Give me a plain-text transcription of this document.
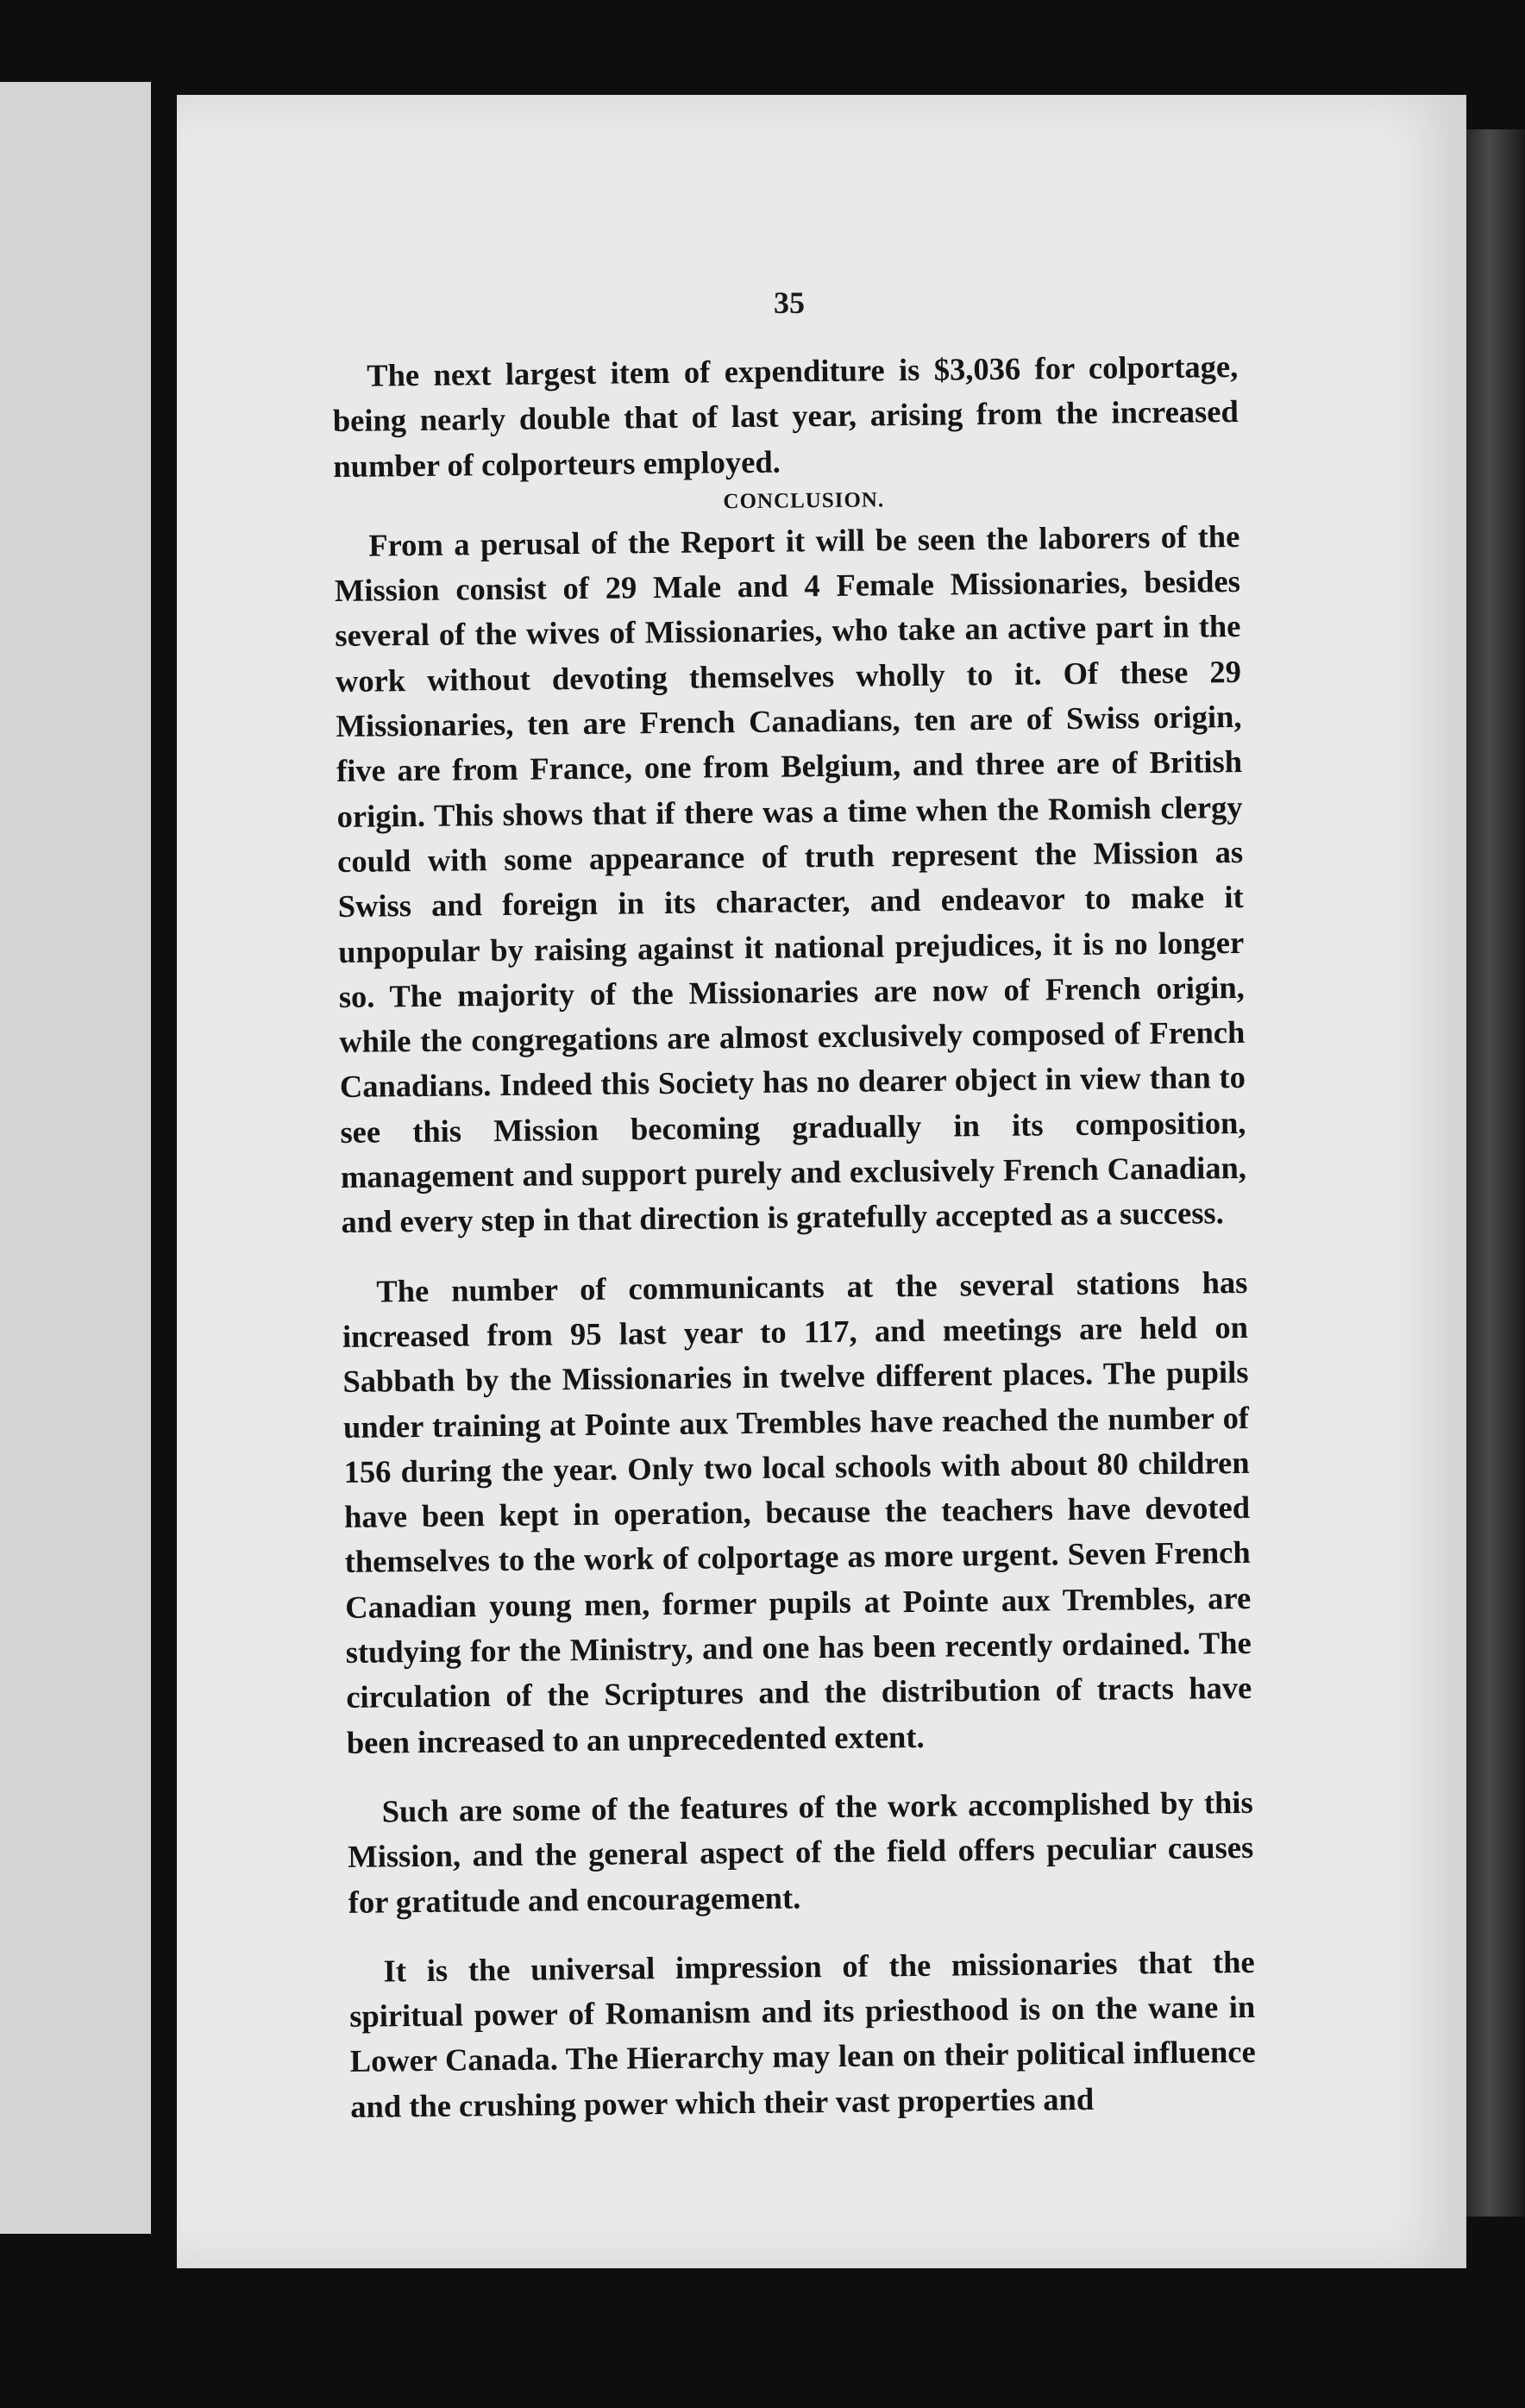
35

The next largest item of expenditure is $3,036 for colportage, being nearly double that of last year, arising from the increased number of colporteurs employed.

CONCLUSION.

From a perusal of the Report it will be seen the laborers of the Mission consist of 29 Male and 4 Female Missionaries, besides several of the wives of Missionaries, who take an active part in the work without devoting themselves wholly to it. Of these 29 Missionaries, ten are French Canadians, ten are of Swiss origin, five are from France, one from Belgium, and three are of British origin. This shows that if there was a time when the Romish clergy could with some appearance of truth represent the Mission as Swiss and foreign in its character, and endeavor to make it unpopular by raising against it national prejudices, it is no longer so. The majority of the Missionaries are now of French origin, while the congregations are almost exclusively composed of French Canadians. Indeed this Society has no dearer object in view than to see this Mission becoming gradually in its composition, management and support purely and exclusively French Canadian, and every step in that direction is gratefully accepted as a success.

The number of communicants at the several stations has increased from 95 last year to 117, and meetings are held on Sabbath by the Missionaries in twelve different places. The pupils under training at Pointe aux Trembles have reached the number of 156 during the year. Only two local schools with about 80 children have been kept in operation, because the teachers have devoted themselves to the work of colportage as more urgent. Seven French Canadian young men, former pupils at Pointe aux Trembles, are studying for the Ministry, and one has been recently ordained. The circulation of the Scriptures and the distribution of tracts have been increased to an unprecedented extent.

Such are some of the features of the work accomplished by this Mission, and the general aspect of the field offers peculiar causes for gratitude and encouragement.

It is the universal impression of the missionaries that the spiritual power of Romanism and its priesthood is on the wane in Lower Canada. The Hierarchy may lean on their political influence and the crushing power which their vast properties and
